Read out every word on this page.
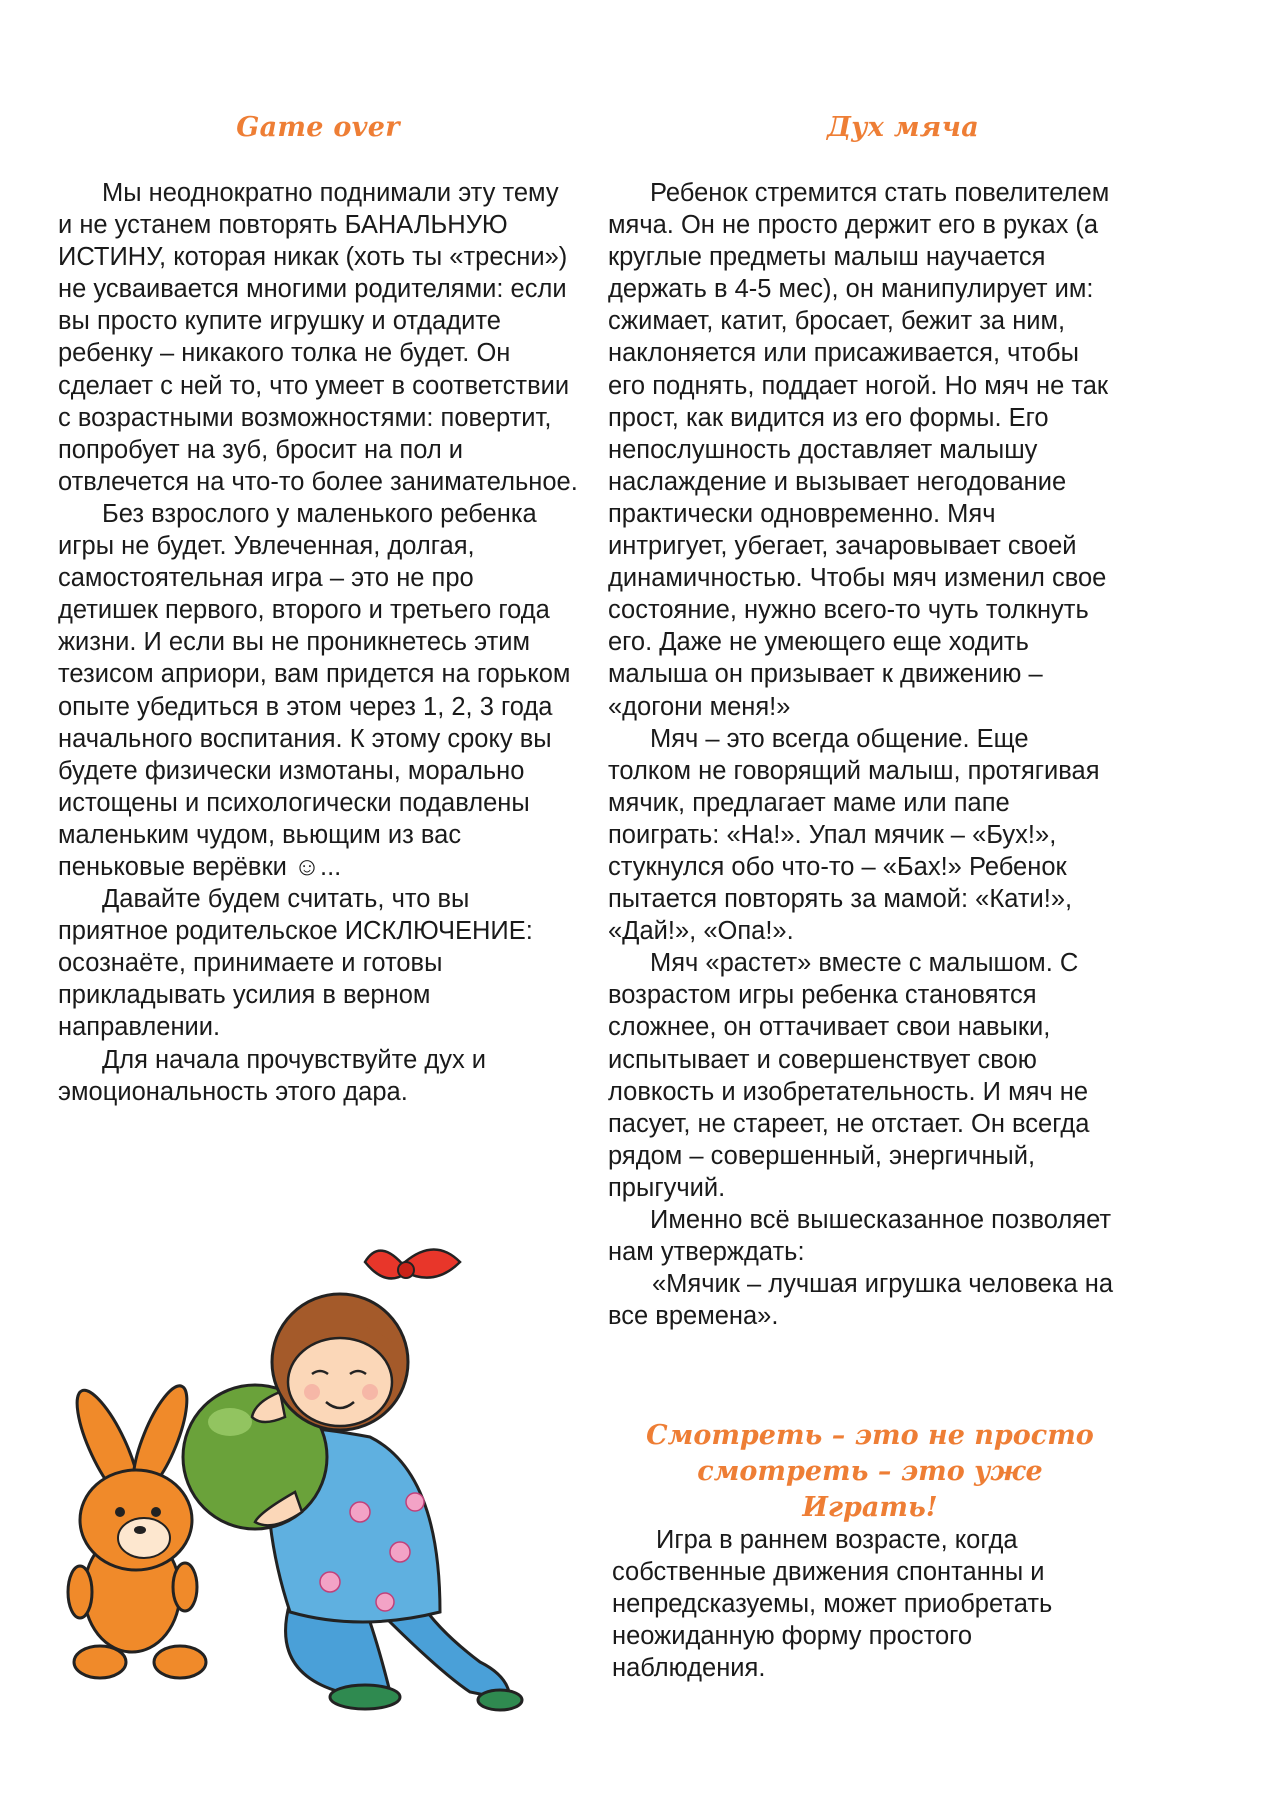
Game over

Мы неоднократно поднимали эту тему и не устанем повторять БАНАЛЬНУЮ ИСТИНУ, которая никак (хоть ты «тресни») не усваивается многими родителями: если вы просто купите игрушку и отдадите ребенку – никакого толка не будет. Он сделает с ней то, что умеет в соответствии с возрастными возможностями: повертит, попробует на зуб, бросит на пол и отвлечется на что-то более занимательное.

Без взрослого у маленького ребенка игры не будет. Увлеченная, долгая, самостоятельная игра – это не про детишек первого, второго и третьего года жизни. И если вы не проникнетесь этим тезисом априори, вам придется на горьком опыте убедиться в этом через 1, 2, 3 года начального воспитания. К этому сроку вы будете физически измотаны, морально истощены и психологически подавлены маленьким чудом, вьющим из вас пеньковые верёвки ☺...

Давайте будем считать, что вы приятное родительское ИСКЛЮЧЕНИЕ: осознаёте, принимаете и готовы прикладывать усилия в верном направлении.

Для начала прочувствуйте дух и эмоциональность этого дара.

Дух мяча

Ребенок стремится стать повелителем мяча. Он не просто держит его в руках (а круглые предметы малыш научается держать в 4-5 мес), он манипулирует им: сжимает, катит, бросает, бежит за ним, наклоняется или присаживается, чтобы его поднять, поддает ногой. Но мяч не так прост, как видится из его формы. Его непослушность доставляет малышу наслаждение и вызывает негодование практически одновременно. Мяч интригует, убегает, зачаровывает своей динамичностью. Чтобы мяч изменил свое состояние, нужно всего-то чуть толкнуть его. Даже не умеющего еще ходить малыша он призывает к движению – «догони меня!»

Мяч – это всегда общение. Еще толком не говорящий малыш, протягивая мячик, предлагает маме или папе поиграть: «На!». Упал мячик – «Бух!», стукнулся обо что-то – «Бах!» Ребенок пытается повторять за мамой: «Кати!», «Дай!», «Опа!».

Мяч «растет» вместе с малышом. С возрастом игры ребенка становятся сложнее, он оттачивает свои навыки, испытывает и совершенствует свою ловкость и изобретательность. И мяч не пасует, не стареет, не отстает. Он всегда рядом – совершенный, энергичный, прыгучий.

Именно всё вышесказанное позволяет нам утверждать:

«Мячик – лучшая игрушка человека на все времена».

Смотреть – это не просто
смотреть – это уже Играть!

Игра в раннем возрасте, когда собственные движения спонтанны и непредсказуемы, может приобретать неожиданную форму простого наблюдения.
